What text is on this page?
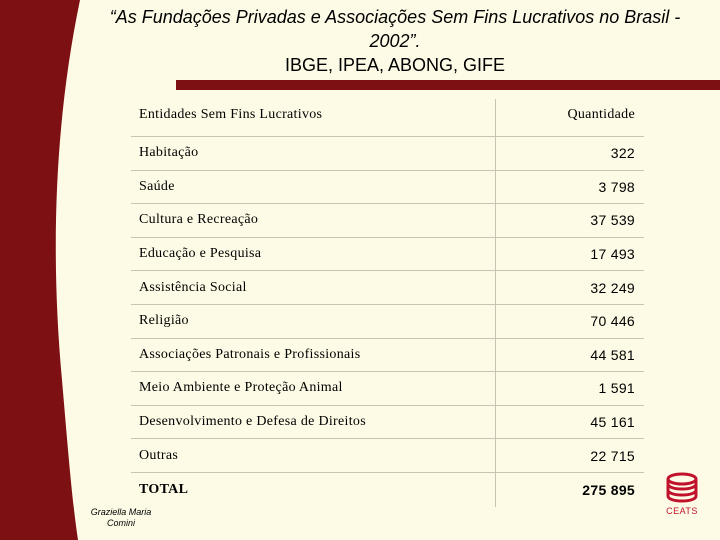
“As Fundações Privadas e Associações Sem Fins Lucrativos no Brasil -
2002”.
IBGE, IPEA, ABONG, GIFE
Entidades Sem Fins Lucrativos	Quantidade
Habitação	322
Saúde	3 798
Cultura e Recreação	37 539
Educação e Pesquisa	17 493
Assistência Social	32 249
Religião	70 446
Associações Patronais e Profissionais	44 581
Meio Ambiente e Proteção Animal	1 591
Desenvolvimento e Defesa de Direitos	45 161
Outras	22 715
TOTAL	275 895
Graziella Maria
Comini
CEATS
